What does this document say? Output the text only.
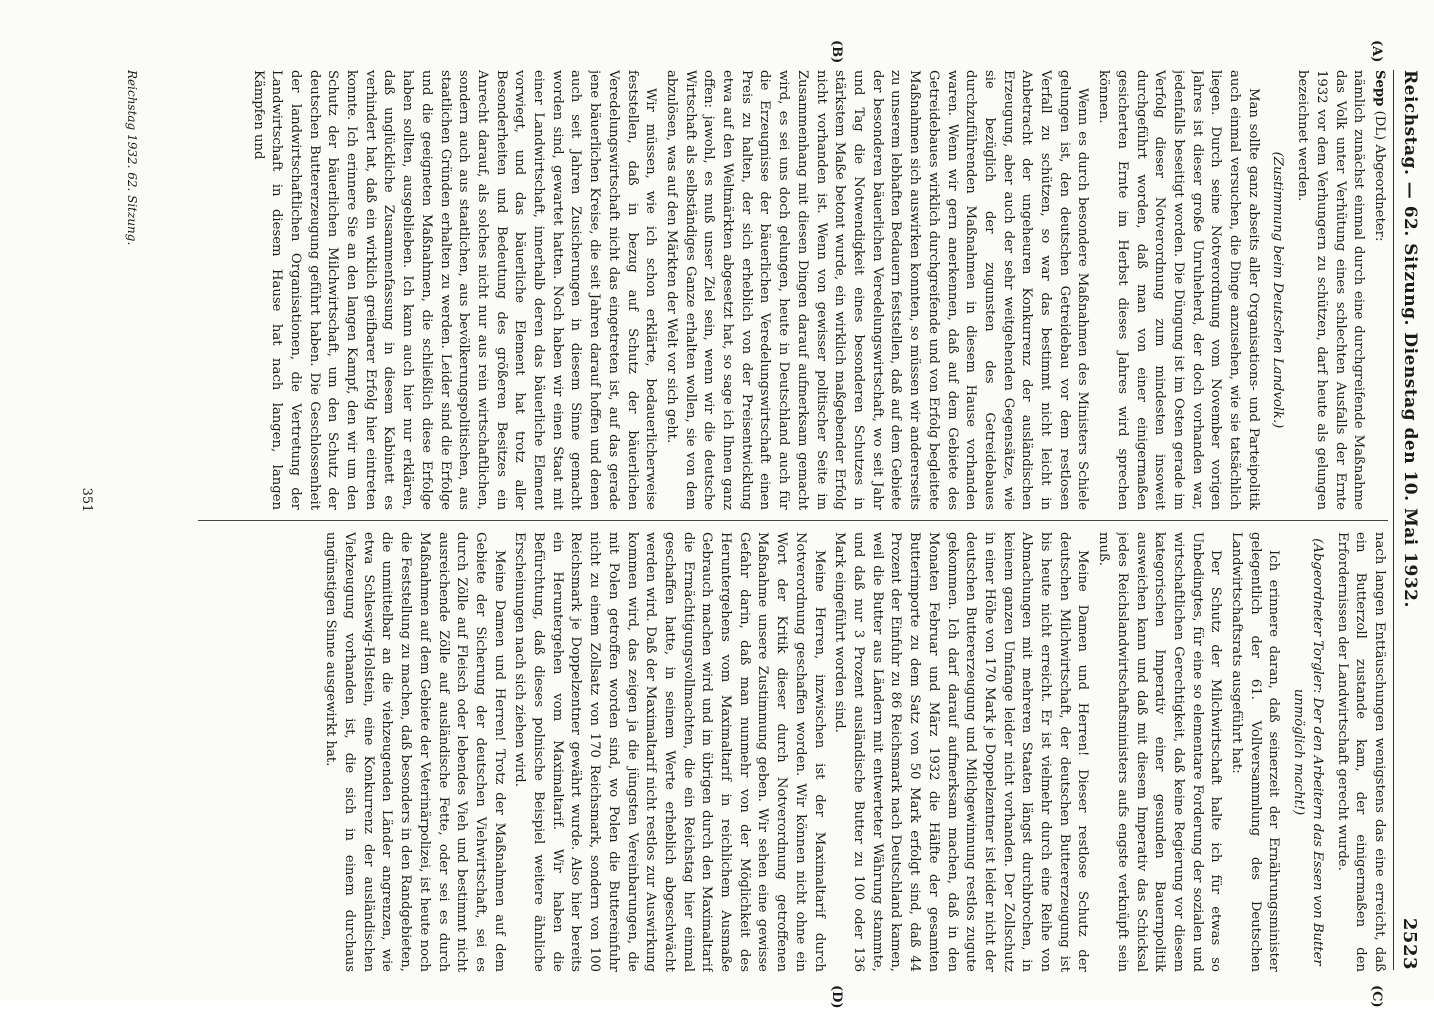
Reichstag. — 62. Sitzung. Dienstag den 10. Mai 1932.
2523
(A)
(B)
(C)
(D)

Sepp (DL) Abgeordneter:

nämlich zunächst einmal durch eine durchgreifende Maßnahme das Volk unter Verhütung eines schlechten Ausfalls der Ernte 1932 vor dem Verhungern zu schützen, darf heute als gelungen bezeichnet werden.

(Zustimmung beim Deutschen Landvolk.)

Man sollte ganz abseits aller Organisations- und Parteipolitik auch einmal versuchen, die Dinge anzusehen, wie sie tatsächlich liegen. Durch seine Notverordnung vom November vorigen Jahres ist dieser große Unruheherd, der doch vorhanden war, jedenfalls beseitigt worden. Die Düngung ist im Osten gerade im Verfolg dieser Notverordnung zum mindesten insoweit durchgeführt worden, daß man von einer einigermaßen gesicherten Ernte im Herbst dieses Jahres wird sprechen können.

Wenn es durch besondere Maßnahmen des Ministers Schiele gelungen ist, den deutschen Getreidebau vor dem restlosen Verfall zu schützen, so war das bestimmt nicht leicht in Anbetracht der ungeheuren Konkurrenz der ausländischen Erzeugung, aber auch der sehr weitgehenden Gegensätze, wie sie bezüglich der zugunsten des Getreidebaues durchzuführenden Maßnahmen in diesem Hause vorhanden waren. Wenn wir gern anerkennen, daß auf dem Gebiete des Getreidebaues wirklich durchgreifende und von Erfolg begleitete Maßnahmen sich auswirken konnten, so müssen wir andererseits zu unserem lebhaften Bedauern feststellen, daß auf dem Gebiete der besonderen bäuerlichen Veredelungswirtschaft, wo seit Jahr und Tag die Notwendigkeit eines besonderen Schutzes in stärkstem Maße betont wurde, ein wirklich maßgebender Erfolg nicht vorhanden ist. Wenn von gewisser politischer Seite im Zusammenhang mit diesen Dingen darauf aufmerksam gemacht wird, es sei uns doch gelungen, heute in Deutschland auch für die Erzeugnisse der bäuerlichen Veredelungswirtschaft einen Preis zu halten, der sich erheblich von der Preisentwicklung etwa auf den Weltmärkten abgesetzt hat, so sage ich Ihnen ganz offen: jawohl, es muß unser Ziel sein, wenn wir die deutsche Wirtschaft als selbständiges Ganze erhalten wollen, sie von dem abzulösen, was auf den Märkten der Welt vor sich geht.

Wir müssen, wie ich schon erklärte, bedauerlicherweise feststellen, daß in bezug auf Schutz der bäuerlichen Veredelungswirtschaft nicht das eingetreten ist, auf das gerade jene bäuerlichen Kreise, die seit Jahren darauf hoffen und denen auch seit Jahren Zusicherungen in diesem Sinne gemacht worden sind, gewartet hatten. Noch haben wir einen Staat mit einer Landwirtschaft, innerhalb deren das bäuerliche Element vorwiegt, und das bäuerliche Element hat trotz aller Besonderheiten und Bedeutung des größeren Besitzes ein Anrecht darauf, als solches nicht nur aus rein wirtschaftlichen, sondern auch aus staatlichen, aus bevölkerungspolitischen, aus staatlichen Gründen erhalten zu werden. Leider sind die Erfolge und die geeigneten Maßnahmen, die schließlich diese Erfolge haben sollten, ausgeblieben. Ich kann auch hier nur erklären, daß unglückliche Zusammenfassung in diesem Kabinett es verhindert hat, daß ein wirklich greifbarer Erfolg hier eintreten konnte. Ich erinnere Sie an den langen Kampf, den wir um den Schutz der bäuerlichen Milchwirtschaft, um den Schutz der deutschen Buttererzeugung geführt haben. Die Geschlossenheit der landwirtschaftlichen Organisationen, die Vertretung der Landwirtschaft in diesem Hause hat nach langen, langen Kämpfen und

nach langen Enttäuschungen wenigstens das eine erreicht, daß ein Butterzoll zustande kam, der einigermaßen den Erfordernissen der Landwirtschaft gerecht wurde.

(Abgeordneter Torgler: Der den Arbeitern das Essen von Butter unmöglich macht!)

Ich erinnere daran, daß seinerzeit der Ernährungsminister gelegentlich der 61. Vollversammlung des Deutschen Landwirtschaftsrats ausgeführt hat:

Der Schutz der Milchwirtschaft halte ich für etwas so Unbedingtes, für eine so elementare Forderung der sozialen und wirtschaftlichen Gerechtigkeit, daß keine Regierung vor diesem kategorischen Imperativ einer gesunden Bauernpolitik ausweichen kann und daß mit diesem Imperativ das Schicksal jedes Reichslandwirtschaftsministers aufs engste verknüpft sein muß.

Meine Damen und Herren! Dieser restlose Schutz der deutschen Milchwirtschaft, der deutschen Buttererzeugung ist bis heute nicht erreicht. Er ist vielmehr durch eine Reihe von Abmachungen mit mehreren Staaten längst durchbrochen, in keinem ganzen Umfange leider nicht vorhanden. Der Zollschutz in einer Höhe von 170 Mark je Doppelzentner ist leider nicht der deutschen Buttererzeugung und Milchgewinnung restlos zugute gekommen. Ich darf darauf aufmerksam machen, daß in den Monaten Februar und März 1932 die Hälfte der gesamten Butterimporte zu dem Satz von 50 Mark erfolgt sind, daß 44 Prozent der Einfuhr zu 86 Reichsmark nach Deutschland kamen, weil die Butter aus Ländern mit entwerteter Währung stammte, und daß nur 3 Prozent ausländische Butter zu 100 oder 136 Mark eingeführt worden sind.

Meine Herren, inzwischen ist der Maximaltarif durch Notverordnung geschaffen worden. Wir können nicht ohne ein Wort der Kritik dieser durch Notverordnung getroffenen Maßnahme unsere Zustimmung geben. Wir sehen eine gewisse Gefahr darin, daß man nunmehr von der Möglichkeit des Heruntergehens vom Maximaltarif in reichlichem Ausmaße Gebrauch machen wird und im übrigen durch den Maximaltarif die Ermächtigungsvollmachten, die ein Reichstag hier einmal geschaffen hatte, in seinem Werte erheblich abgeschwächt werden wird. Daß der Maximaltarif nicht restlos zur Auswirkung kommen wird, das zeigen ja die jüngsten Vereinbarungen, die mit Polen getroffen worden sind, wo Polen die Buttereinfuhr nicht zu einem Zollsatz von 170 Reichsmark, sondern von 100 Reichsmark je Doppelzentner gewährt wurde. Also hier bereits ein Heruntergehen vom Maximaltarif. Wir haben die Befürchtung, daß dieses polnische Beispiel weitere ähnliche Erscheinungen nach sich ziehen wird.

Meine Damen und Herren! Trotz der Maßnahmen auf dem Gebiete der Sicherung der deutschen Viehwirtschaft, sei es durch Zölle auf Fleisch oder lebendes Vieh und bestimmt nicht ausreichende Zölle auf ausländische Fette, oder sei es durch Maßnahmen auf dem Gebiete der Veterinärpolizei, ist heute noch die Feststellung zu machen, daß besonders in den Randgebieten, die unmittelbar an die viehzeugenden Länder angrenzen, wie etwa Schleswig-Holstein, eine Konkurrenz der ausländischen Viehzeugung vorhanden ist, die sich in einem durchaus ungünstigen Sinne ausgewirkt hat.

Reichstag 1932. 62. Sitzung.
351
